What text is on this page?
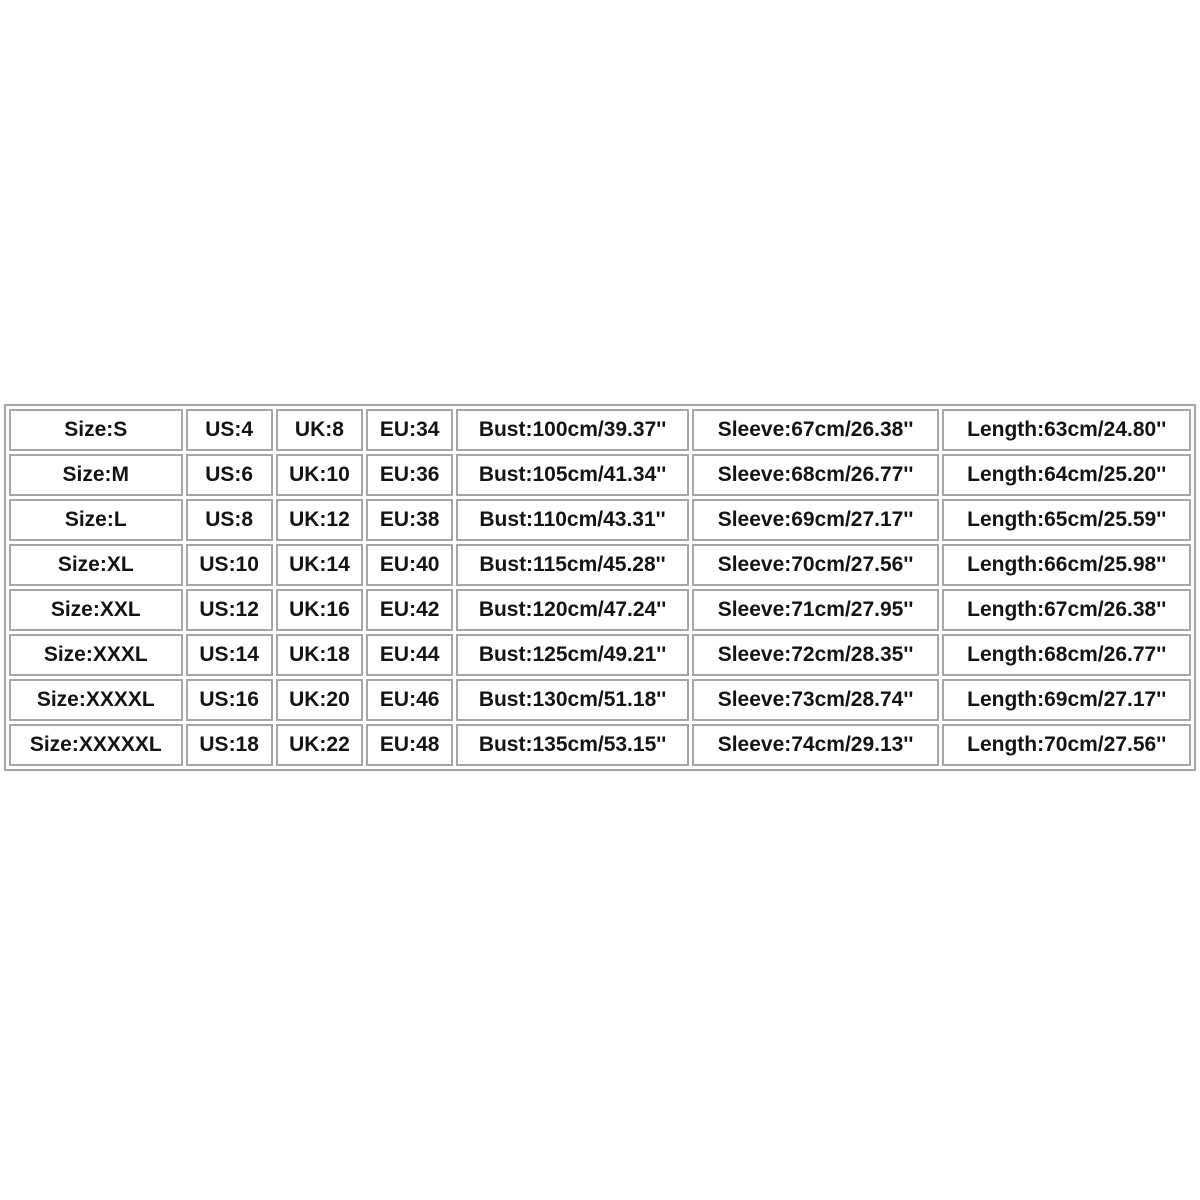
Size:S	US:4	UK:8	EU:34	Bust:100cm/39.37''	Sleeve:67cm/26.38''	Length:63cm/24.80''
Size:M	US:6	UK:10	EU:36	Bust:105cm/41.34''	Sleeve:68cm/26.77''	Length:64cm/25.20''
Size:L	US:8	UK:12	EU:38	Bust:110cm/43.31''	Sleeve:69cm/27.17''	Length:65cm/25.59''
Size:XL	US:10	UK:14	EU:40	Bust:115cm/45.28''	Sleeve:70cm/27.56''	Length:66cm/25.98''
Size:XXL	US:12	UK:16	EU:42	Bust:120cm/47.24''	Sleeve:71cm/27.95''	Length:67cm/26.38''
Size:XXXL	US:14	UK:18	EU:44	Bust:125cm/49.21''	Sleeve:72cm/28.35''	Length:68cm/26.77''
Size:XXXXL	US:16	UK:20	EU:46	Bust:130cm/51.18''	Sleeve:73cm/28.74''	Length:69cm/27.17''
Size:XXXXXL	US:18	UK:22	EU:48	Bust:135cm/53.15''	Sleeve:74cm/29.13''	Length:70cm/27.56''
